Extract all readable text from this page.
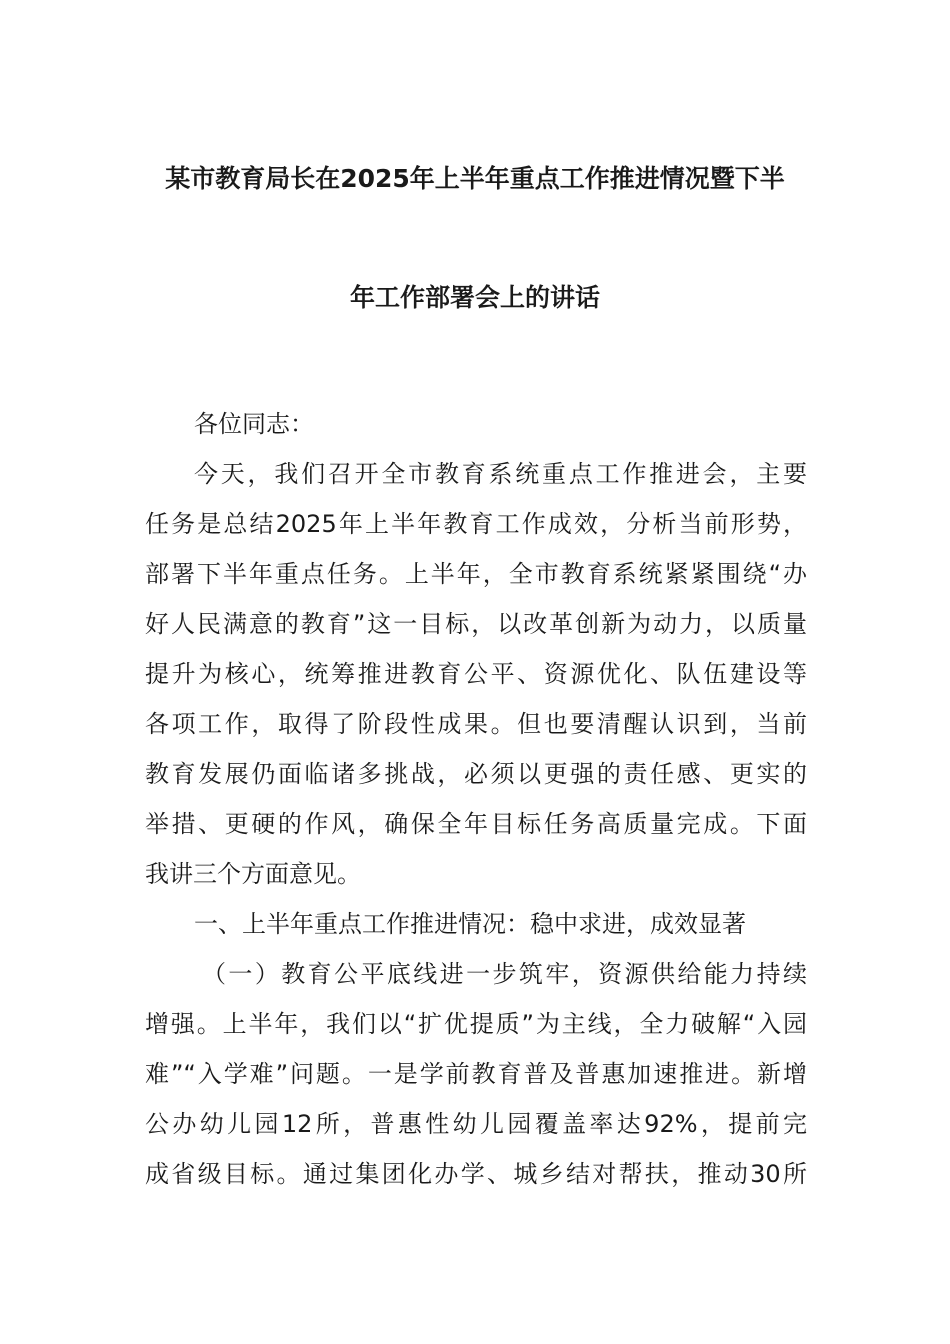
某市教育局长在2025年上半年重点工作推进情况暨下半
年工作部署会上的讲话
各位同志：
今天，我们召开全市教育系统重点工作推进会，主要
任务是总结2025年上半年教育工作成效，分析当前形势，
部署下半年重点任务。上半年，全市教育系统紧紧围绕“办
好人民满意的教育”这一目标，以改革创新为动力，以质量
提升为核心，统筹推进教育公平、资源优化、队伍建设等
各项工作，取得了阶段性成果。但也要清醒认识到，当前
教育发展仍面临诸多挑战，必须以更强的责任感、更实的
举措、更硬的作风，确保全年目标任务高质量完成。下面
我讲三个方面意见。
一、上半年重点工作推进情况：稳中求进，成效显著
（一）教育公平底线进一步筑牢，资源供给能力持续
增强。上半年，我们以“扩优提质”为主线，全力破解“入园
难”“入学难”问题。一是学前教育普及普惠加速推进。新增
公办幼儿园12所，普惠性幼儿园覆盖率达92%，提前完
成省级目标。通过集团化办学、城乡结对帮扶，推动30所
